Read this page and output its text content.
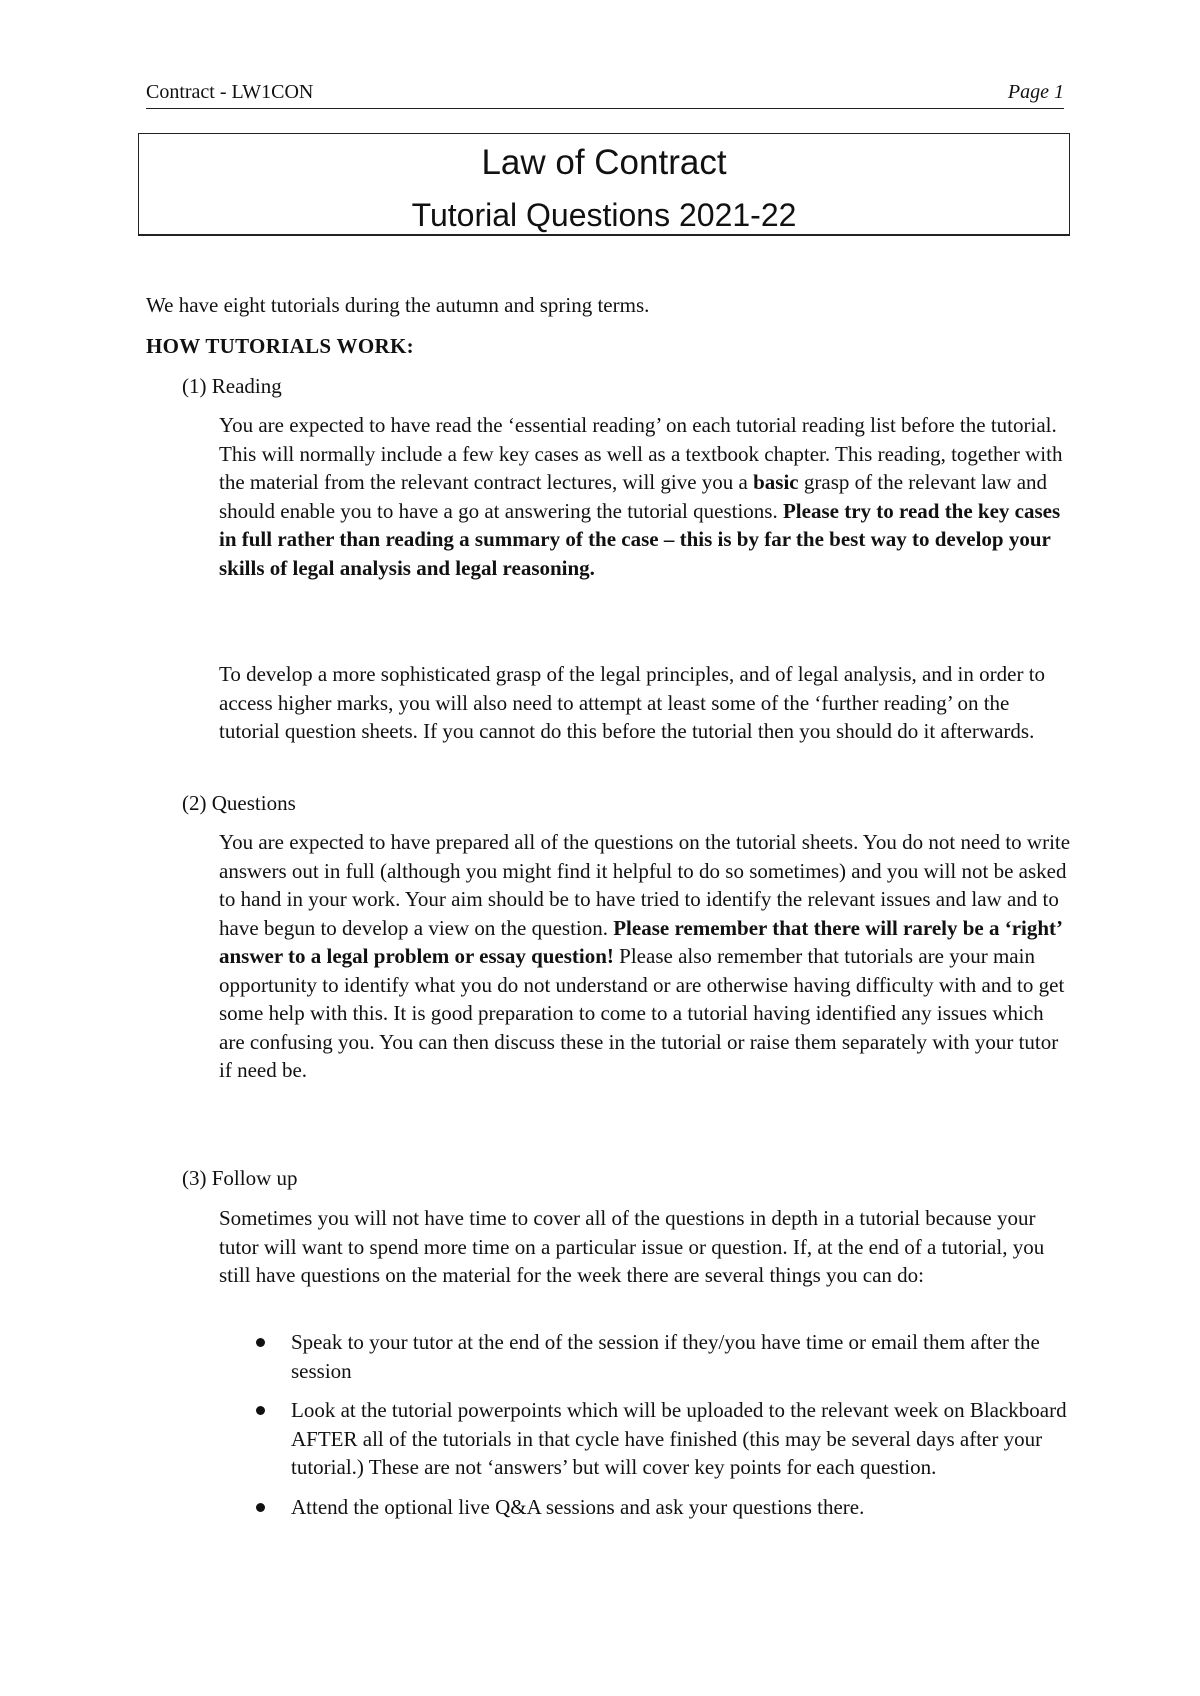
Contract - LW1CON	Page 1
Law of Contract
Tutorial Questions 2021-22
We have eight tutorials during the autumn and spring terms.
HOW TUTORIALS WORK:
(1) Reading
You are expected to have read the ‘essential reading’ on each tutorial reading list before the tutorial. This will normally include a few key cases as well as a textbook chapter. This reading, together with the material from the relevant contract lectures, will give you a basic grasp of the relevant law and should enable you to have a go at answering the tutorial questions. Please try to read the key cases in full rather than reading a summary of the case – this is by far the best way to develop your skills of legal analysis and legal reasoning.
To develop a more sophisticated grasp of the legal principles, and of legal analysis, and in order to access higher marks, you will also need to attempt at least some of the ‘further reading’ on the tutorial question sheets. If you cannot do this before the tutorial then you should do it afterwards.
(2) Questions
You are expected to have prepared all of the questions on the tutorial sheets. You do not need to write answers out in full (although you might find it helpful to do so sometimes) and you will not be asked to hand in your work. Your aim should be to have tried to identify the relevant issues and law and to have begun to develop a view on the question. Please remember that there will rarely be a ‘right’ answer to a legal problem or essay question! Please also remember that tutorials are your main opportunity to identify what you do not understand or are otherwise having difficulty with and to get some help with this. It is good preparation to come to a tutorial having identified any issues which are confusing you. You can then discuss these in the tutorial or raise them separately with your tutor if need be.
(3) Follow up
Sometimes you will not have time to cover all of the questions in depth in a tutorial because your tutor will want to spend more time on a particular issue or question. If, at the end of a tutorial, you still have questions on the material for the week there are several things you can do:
Speak to your tutor at the end of the session if they/you have time or email them after the session
Look at the tutorial powerpoints which will be uploaded to the relevant week on Blackboard AFTER all of the tutorials in that cycle have finished (this may be several days after your tutorial.) These are not ‘answers’ but will cover key points for each question.
Attend the optional live Q&A sessions and ask your questions there.
